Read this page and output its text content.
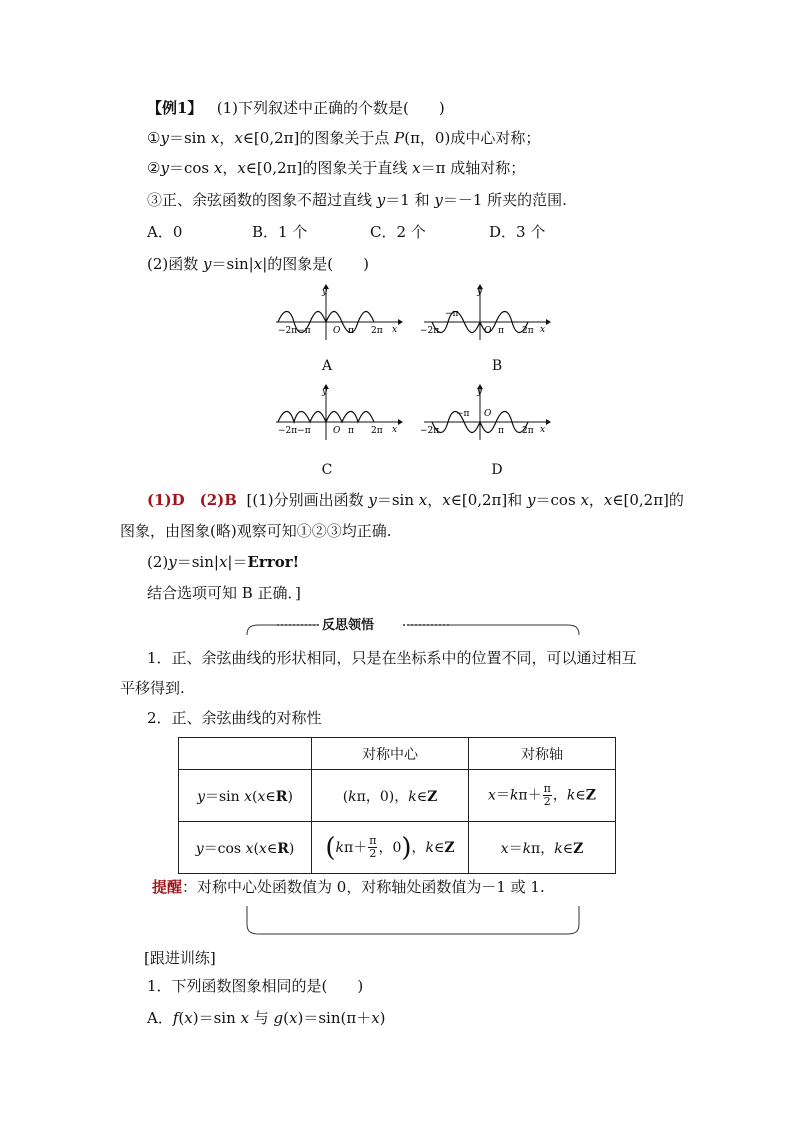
【例1】 (1)下列叙述中正确的个数是(　　)
①y＝sin x，x∈[0,2π]的图象关于点 P(π，0)成中心对称；
②y＝cos x，x∈[0,2π]的图象关于直线 x＝π 成轴对称；
③正、余弦函数的图象不超过直线 y＝1 和 y＝－1 所夹的范围.
A．0	B．1 个	C．2 个	D．3 个
(2)函数 y＝sin|x|的图象是(　　)
y
x
−2π−π O π 2π
A
y
x
−2π
−π
O π 2π
B
y
x
−2π−π O π 2π
C
y
x
−2π
−π O
π 2π
D
(1)D　(2)B [(1)分别画出函数 y＝sin x，x∈[0,2π]和 y＝cos x，x∈[0,2π]的
图象，由图象(略)观察可知①②③均正确.
(2)y＝sin|x|＝Error!
结合选项可知 B 正确．]
反思领悟
1．正、余弦曲线的形状相同，只是在坐标系中的位置不同，可以通过相互
平移得到.
2．正、余弦曲线的对称性
	对称中心	对称轴
y＝sin x(x∈R)	(kπ，0)，k∈Z	$x=k\pi+ \frac{\pi}{2}$ ，k∈Z
y＝cos x(x∈R)	($k\pi+ \frac{\pi}{2}$ ，0)，k∈Z	x＝kπ，k∈Z
提醒：对称中心处函数值为 0，对称轴处函数值为－1 或 1.
[跟进训练]
1．下列函数图象相同的是(　　)
A．f(x)＝sin x 与 g(x)＝sin(π＋x)
